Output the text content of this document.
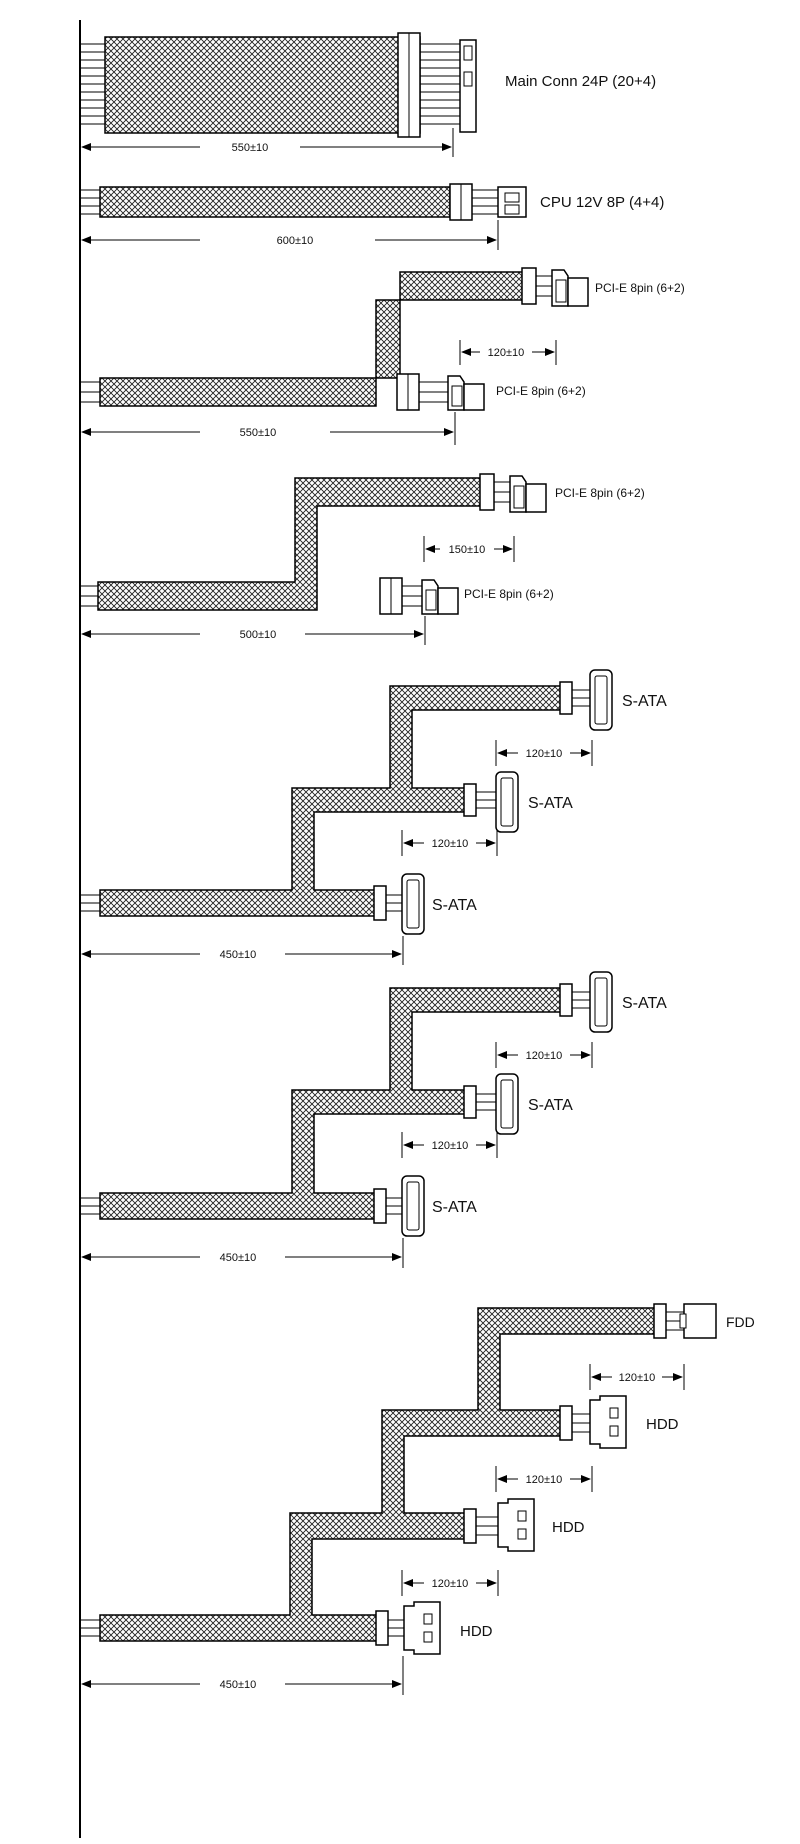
Main Conn 24P (20+4)
550±10
CPU 12V 8P (4+4)
600±10
PCI-E 8pin (6+2)
PCI-E 8pin (6+2)
120±10
550±10
PCI-E 8pin (6+2)
PCI-E 8pin (6+2)
150±10
500±10
S-ATA
S-ATA
S-ATA
120±10
120±10
450±10
S-ATA
S-ATA
S-ATA
120±10
120±10
450±10
FDD
HDD
HDD
HDD
120±10
120±10
120±10
450±10
